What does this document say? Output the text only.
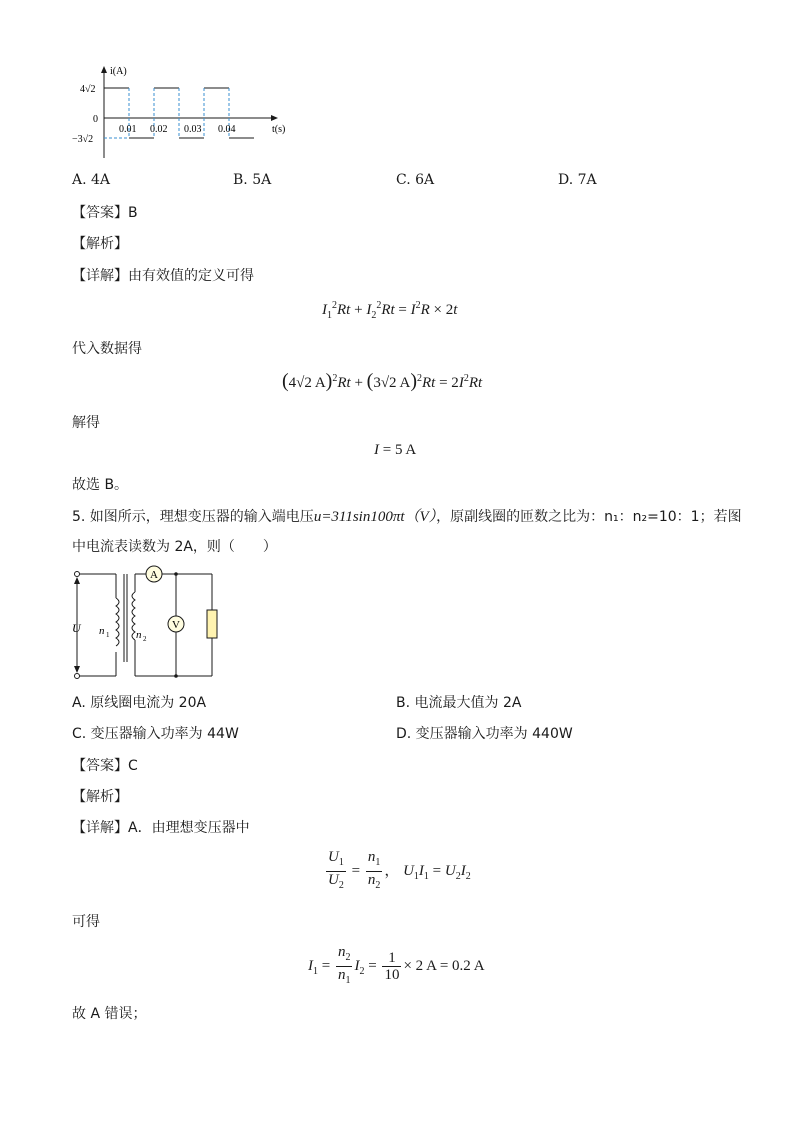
i(A)
t(s)
0
4√2
−3√2
0.01 0.02 0.03 0.04
A. 4A	B. 5A	C. 6A	D. 7A
【答案】B
【解析】
【详解】由有效值的定义可得
$I_1^2Rt + I_2^2Rt = I^2R \times 2t$
代入数据得
(4√2 A)$^2$Rt + (3√2 $A)^2Rt = 2I^2Rt$
解得
I = 5 A
故选 B。
5. 如图所示，理想变压器的输入端电压u=311sin100πt（V），原副线圈的匝数之比为：n₁：n₂=10：1；若图
中电流表读数为 2A，则（　　）
U n 1 n 2
A
V
A. 原线圈电流为 20A	B. 电流最大值为 2A
C. 变压器输入功率为 44W	D. 变压器输入功率为 440W
【答案】C
【解析】
【详解】A．由理想变压器中
$\frac{U_1}{U_2} = \frac{n_1}{n_2}$ ， $U_1I_1 = U_2I_2$
可得
$I_1 = \frac{n_2}{n_1} I_2 = \frac{1}{10} \times 2$ A = 0.2 A
故 A 错误；
